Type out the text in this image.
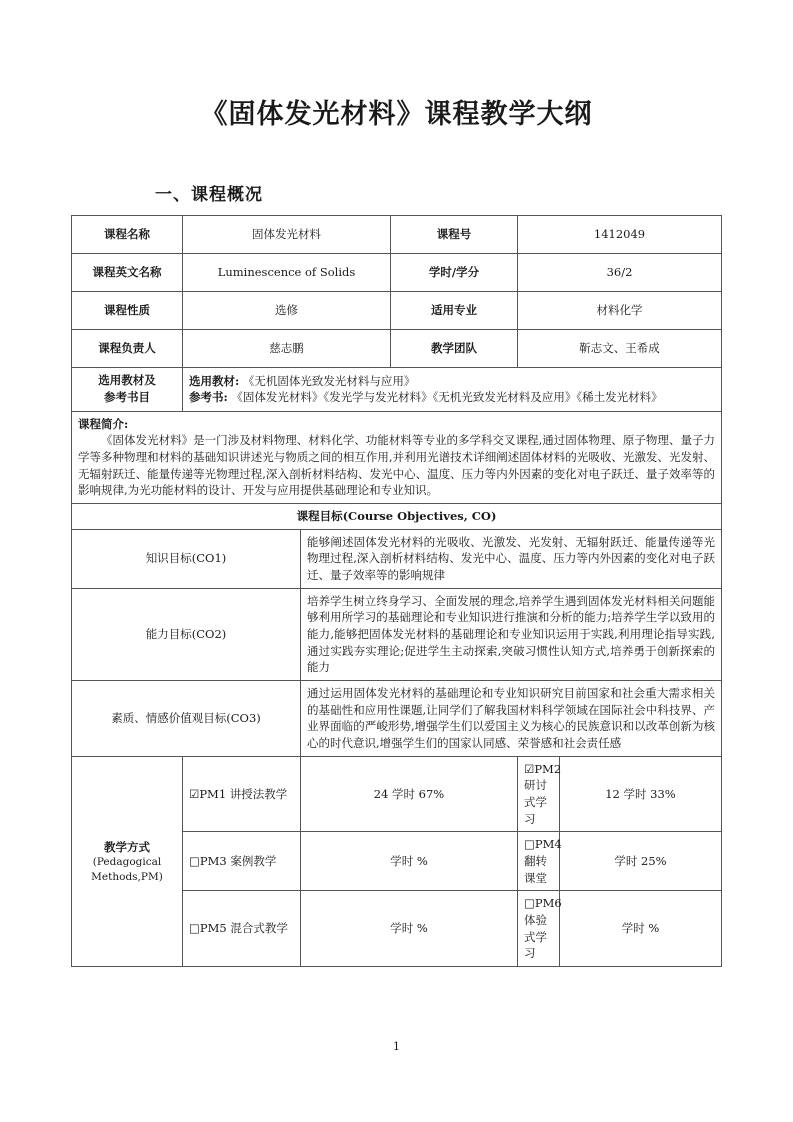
《固体发光材料》课程教学大纲
一、课程概况
课程名称	固体发光材料		课程号	1412049	
课程英文名称	Luminescence of Solids		学时/学分	36/2	
课程性质	选修		适用专业	材料化学	
课程负责人	慈志鹏		教学团队	靳志文、王希成	
选用教材及
参考书目	
选用教材: 《无机固体光致发光材料与应用》
参考书: 《固体发光材料》《发光学与发光材料》《无机光致发光材料及应用》《稀土发光材料》

课程简介:
《固体发光材料》是一门涉及材料物理、材料化学、功能材料等专业的多学科交叉课程,通过固体物理、原子物理、量子力学等多种物理和材料的基础知识讲述光与物质之间的相互作用,并利用光谱技术详细阐述固体材料的光吸收、光激发、光发射、无辐射跃迁、能量传递等光物理过程,深入剖析材料结构、发光中心、温度、压力等内外因素的变化对电子跃迁、量子效率等的影响规律,为光功能材料的设计、开发与应用提供基础理论和专业知识。					

课程目标(Course Objectives, CO)					
知识目标(CO1)		能够阐述固体发光材料的光吸收、光激发、光发射、无辐射跃迁、能量传递等光物理过程,深入剖析材料结构、发光中心、温度、压力等内外因素的变化对电子跃迁、量子效率等的影响规律			
能力目标(CO2)		培养学生树立终身学习、全面发展的理念,培养学生遇到固体发光材料相关问题能够利用所学习的基础理论和专业知识进行推演和分析的能力;培养学生学以致用的能力,能够把固体发光材料的基础理论和专业知识运用于实践,利用理论指导实践,通过实践夯实理论;促进学生主动探索,突破习惯性认知方式,培养勇于创新探索的能力			
素质、情感价值观目标(CO3)		通过运用固体发光材料的基础理论和专业知识研究目前国家和社会重大需求相关的基础性和应用性课题,让同学们了解我国材料科学领域在国际社会中科技界、产业界面临的严峻形势,增强学生们以爱国主义为核心的民族意识和以改革创新为核心的时代意识,增强学生们的国家认同感、荣誉感和社会责任感			
教学方式
(Pedagogical
Methods,PM)	☑PM1 讲授法教学	24 学时 67%		☑PM2 研讨式学习	12 学时 33%
	□PM3 案例教学	学时 %		□PM4 翻转课堂	学时 25%
	□PM5 混合式教学	学时 %		□PM6 体验式学习	学时 %
1
